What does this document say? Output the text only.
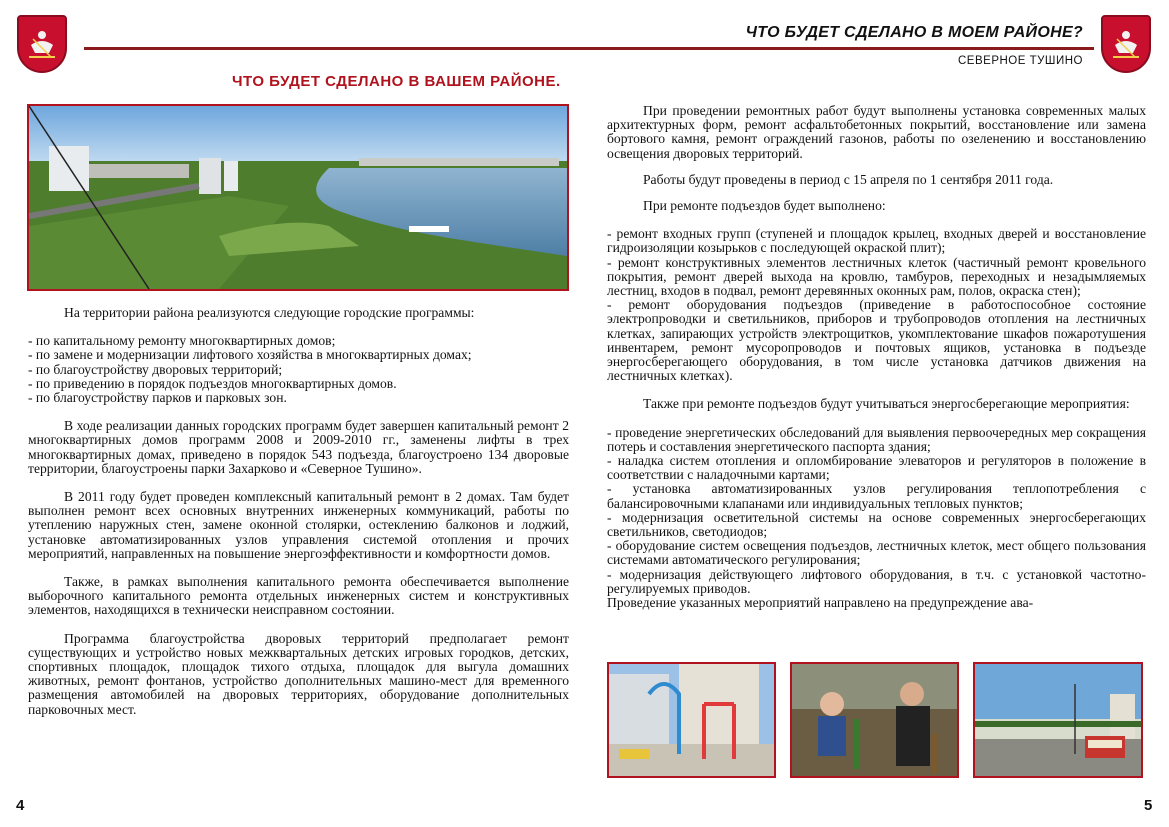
ЧТО БУДЕТ СДЕЛАНО В МОЕМ РАЙОНЕ?
СЕВЕРНОЕ ТУШИНО
ЧТО БУДЕТ СДЕЛАНО В ВАШЕМ РАЙОНЕ.

На территории района реализуются следующие городские программы:

- по капитальному ремонту многоквартирных домов;

- по замене и модернизации лифтового хозяйства в многоквартирных домах;

- по благоустройству дворовых территорий;

- по приведению в порядок подъездов многоквартирных домов.

- по благоустройству парков и парковых зон.

В ходе реализации данных городских программ будет завершен капитальный ремонт 2 многоквартирных домов программ 2008 и 2009-2010 гг., заменены лифты в трех многоквартирных домах, приведено в порядок 543 подъезда, благоустроено 134 дворовые территории, благоустроены парки Захарково и «Северное Тушино».

В 2011 году будет проведен комплексный капитальный ремонт в 2 домах. Там будет выполнен ремонт всех основных внутренних инженерных коммуникаций, работы по утеплению наружных стен, замене оконной столярки, остеклению балконов и лоджий, установке автоматизированных узлов управления системой отопления и прочих мероприятий, направленных на повышение энергоэффективности и комфортности домов.

Также, в рамках выполнения капитального ремонта обеспечивается выполнение выборочного капитального ремонта отдельных инженерных систем и конструктивных элементов, находящихся в технически неисправном состоянии.

Программа благоустройства дворовых территорий предполагает ремонт существующих и устройство новых межквартальных детских игровых городков, детских, спортивных площадок, площадок тихого отдыха, площадок для выгула домашних животных, ремонт фонтанов, устройство дополнительных машино-мест для временного размещения автомобилей на дворовых территориях, оборудование дополнительных парковочных мест.

При проведении ремонтных работ будут выполнены установка современных малых архитектурных форм, ремонт асфальтобетонных покрытий, восстановление или замена бортового камня, ремонт ограждений газонов, работы по озеленению и восстановлению освещения дворовых территорий.

Работы будут проведены в период с 15 апреля по 1 сентября 2011 года.

При ремонте подъездов будет выполнено:

- ремонт входных групп (ступеней и площадок крылец, входных дверей и восстановление гидроизоляции козырьков с последующей окраской плит);

- ремонт конструктивных элементов лестничных клеток (частичный ремонт кровельного покрытия, ремонт дверей выхода на кровлю, тамбуров, переходных и незадымляемых лестниц, входов в подвал, ремонт деревянных оконных рам, полов, окраска стен);

- ремонт оборудования подъездов (приведение в работоспособное состояние электропроводки и светильников, приборов и трубопроводов отопления на лестничных клетках, запирающих устройств электрощитков, укомплектование шкафов пожаротушения инвентарем, ремонт мусоропроводов и почтовых ящиков, установка в подъезде энергосберегающего оборудования, в том числе установка датчиков движения на лестничных клетках).

Также при ремонте подъездов будут учитываться энергосберегающие мероприятия:

- проведение энергетических обследований для выявления первоочередных мер сокращения потерь и составления энергетического паспорта здания;

- наладка систем отопления и опломбирование элеваторов и регуляторов в положение в соответствии с наладочными картами;

- установка автоматизированных узлов регулирования теплопотребления с балансировочными клапанами или индивидуальных тепловых пунктов;

- модернизация осветительной системы на основе современных энергосберегающих светильников, светодиодов;

- оборудование систем освещения подъездов, лестничных клеток, мест общего пользования системами автоматического регулирования;

- модернизация действующего лифтового оборудования, в т.ч. с установкой частотно-регулируемых приводов.

Проведение указанных мероприятий направлено на предупреждение ава-

4	5
